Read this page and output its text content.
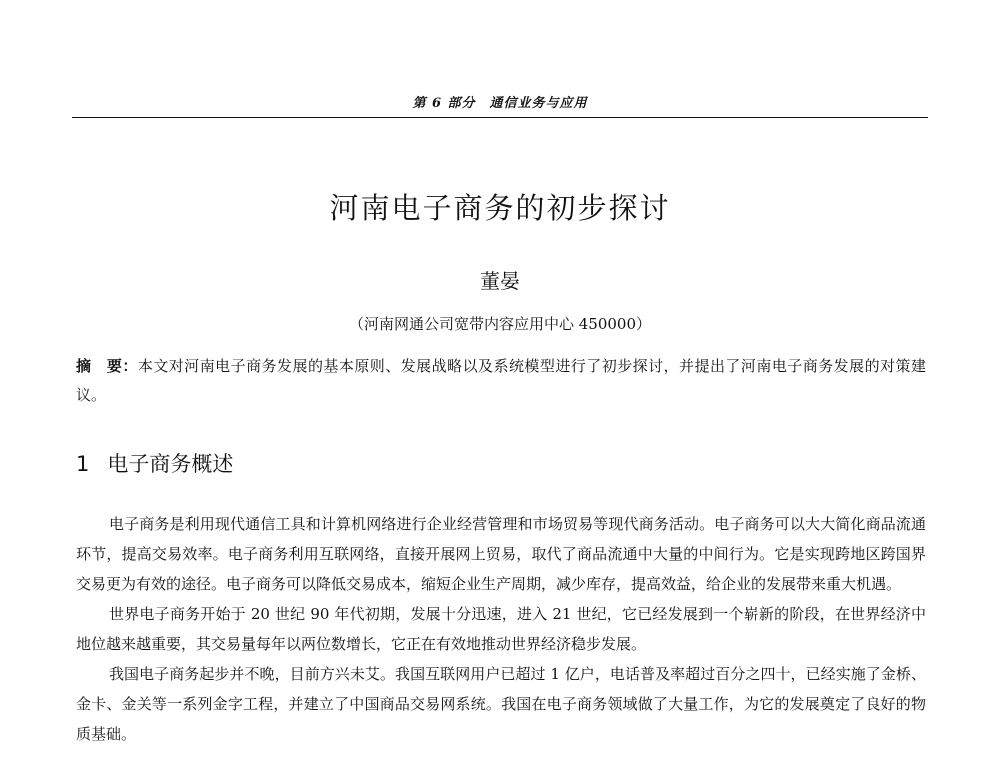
第 6 部分　通信业务与应用
河南电子商务的初步探讨
董晏
（河南网通公司宽带内容应用中心 450000）
摘　要：本文对河南电子商务发展的基本原则、发展战略以及系统模型进行了初步探讨，并提出了河南电子商务发展的对策建议。
1 电子商务概述

电子商务是利用现代通信工具和计算机网络进行企业经营管理和市场贸易等现代商务活动。电子商务可以大大简化商品流通环节，提高交易效率。电子商务利用互联网络，直接开展网上贸易，取代了商品流通中大量的中间行为。它是实现跨地区跨国界交易更为有效的途径。电子商务可以降低交易成本，缩短企业生产周期，减少库存，提高效益，给企业的发展带来重大机遇。

世界电子商务开始于 20 世纪 90 年代初期，发展十分迅速，进入 21 世纪，它已经发展到一个崭新的阶段，在世界经济中地位越来越重要，其交易量每年以两位数增长，它正在有效地推动世界经济稳步发展。

我国电子商务起步并不晚，目前方兴未艾。我国互联网用户已超过 1 亿户，电话普及率超过百分之四十，已经实施了金桥、金卡、金关等一系列金字工程，并建立了中国商品交易网系统。我国在电子商务领域做了大量工作，为它的发展奠定了良好的物质基础。
